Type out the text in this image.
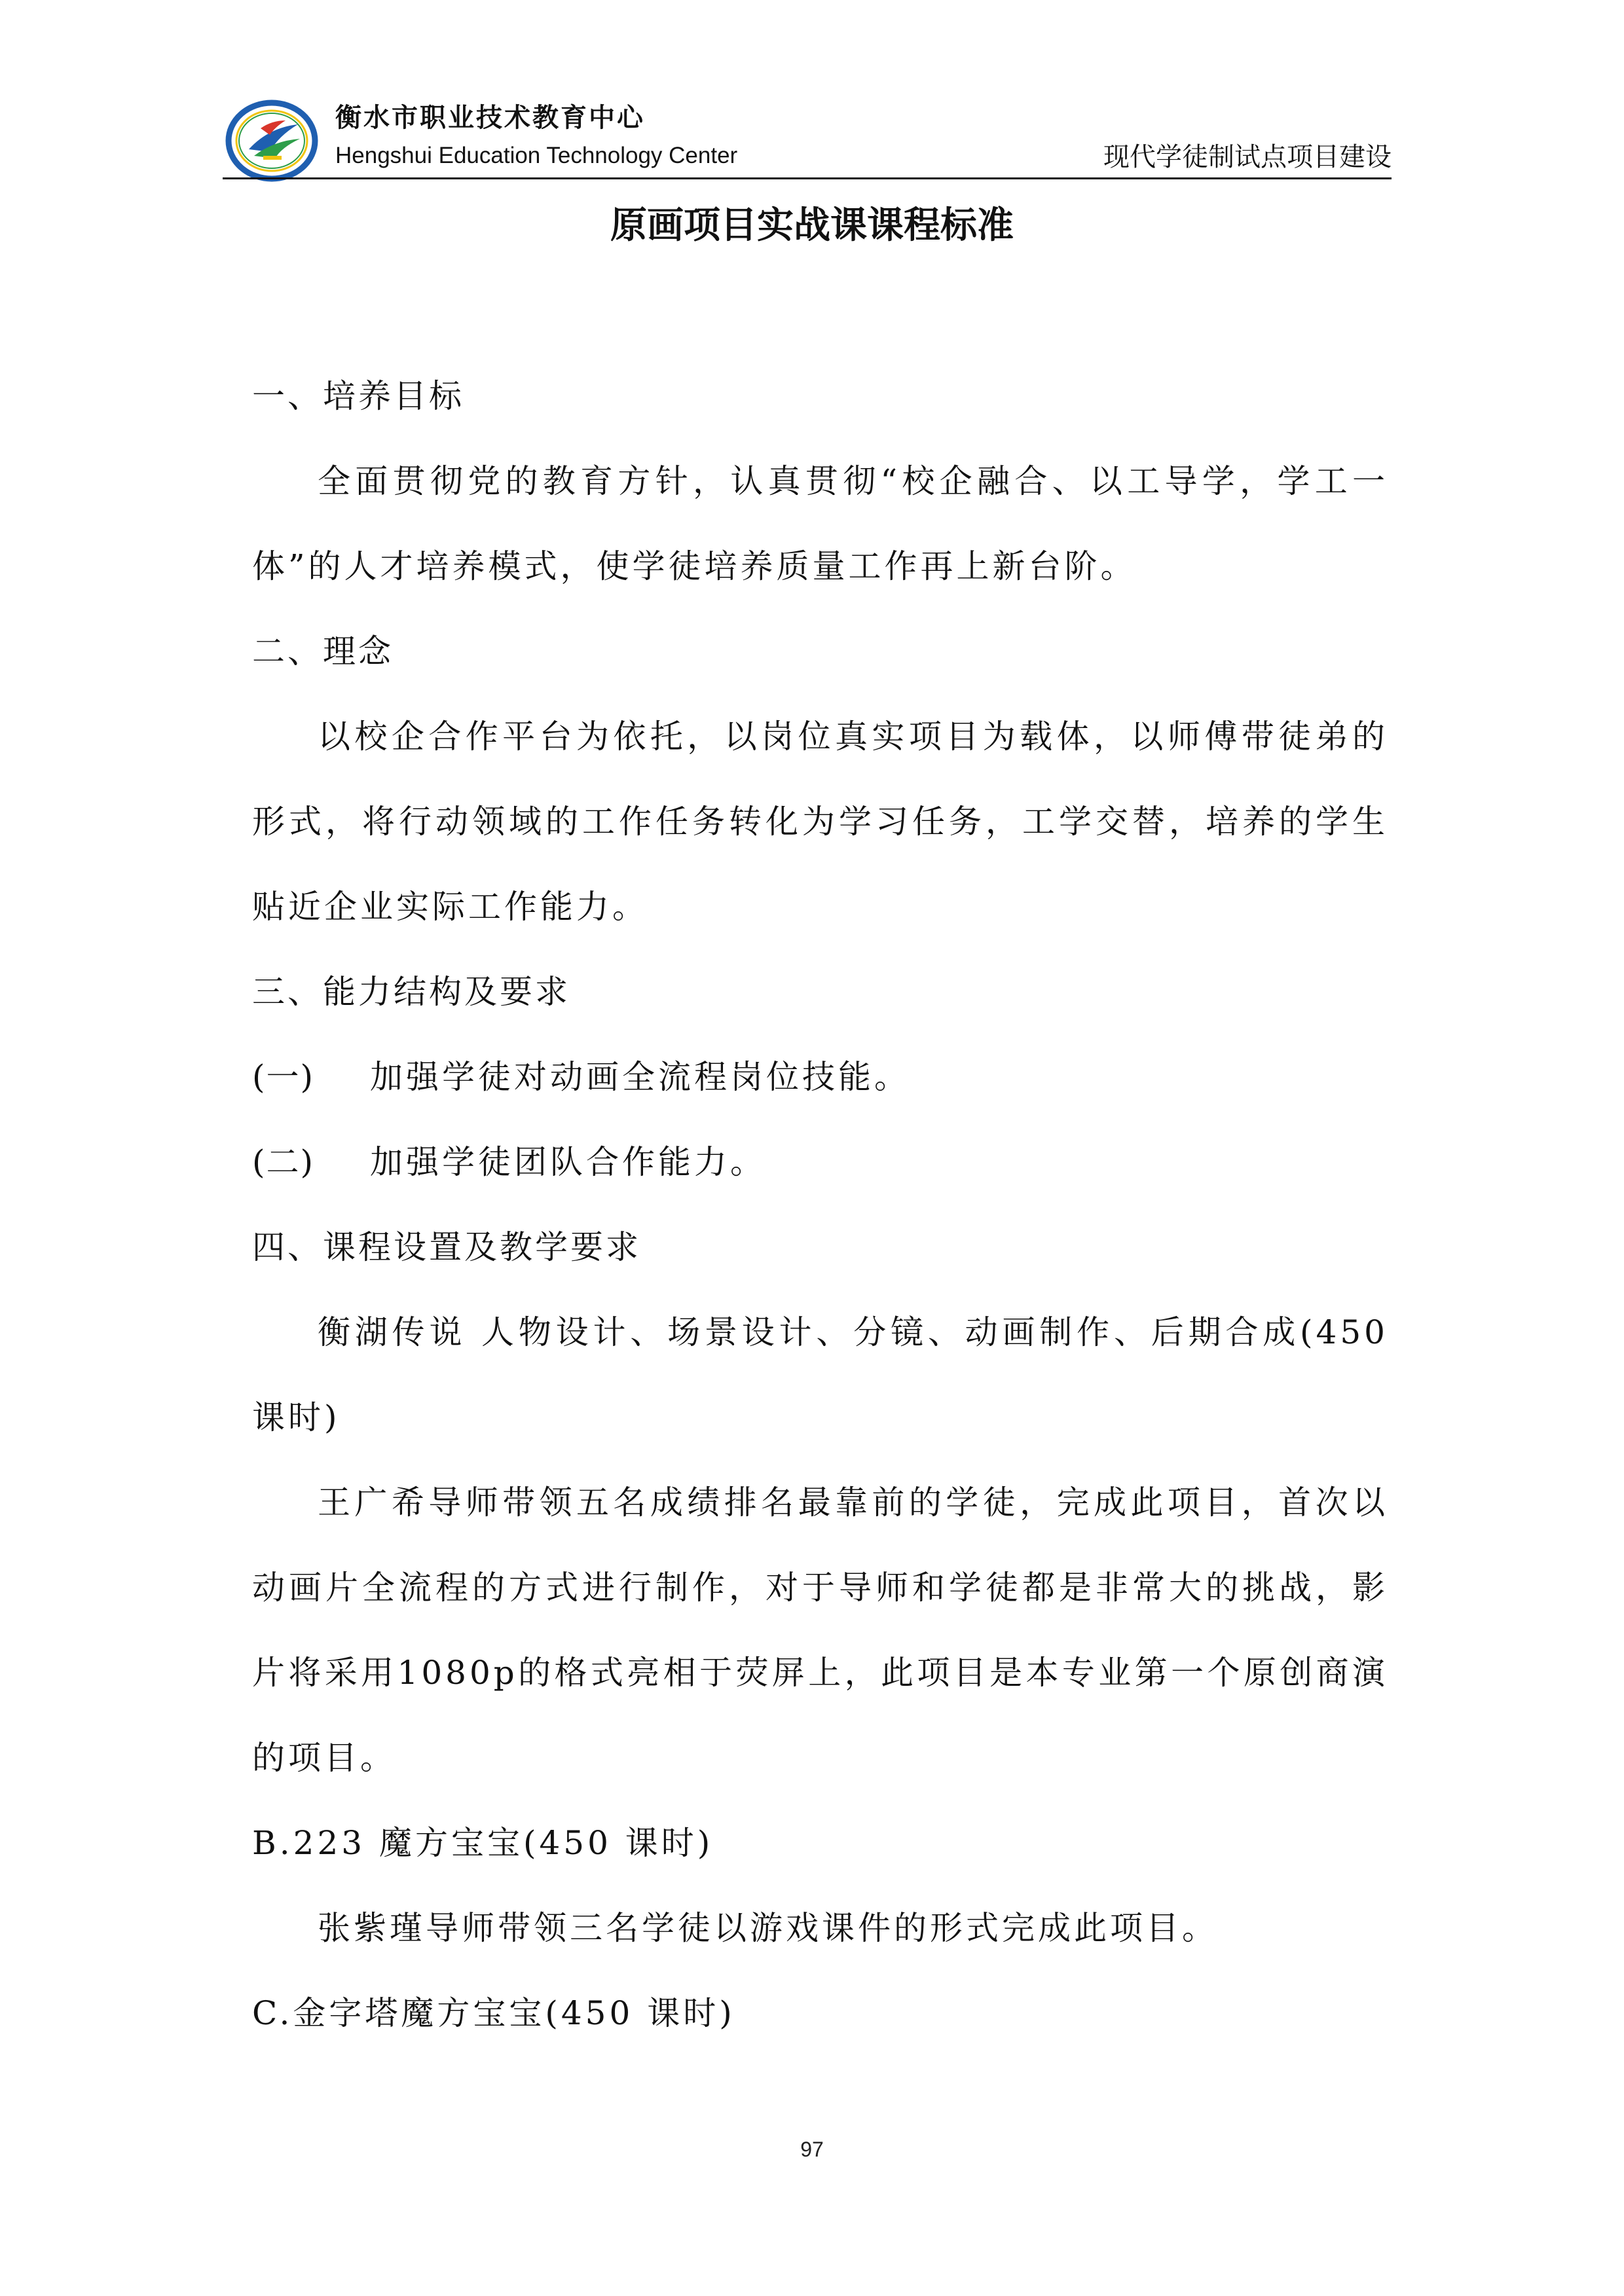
衡水市职业技术教育中心
Hengshui Education Technology Center	现代学徒制试点项目建设
原画项目实战课课程标准
一、培养目标

全面贯彻党的教育方针，认真贯彻“校企融合、以工导学，学工一体”的人才培养模式，使学徒培养质量工作再上新台阶。

二、理念

以校企合作平台为依托，以岗位真实项目为载体，以师傅带徒弟的形式，将行动领域的工作任务转化为学习任务，工学交替，培养的学生贴近企业实际工作能力。

三、能力结构及要求
(一) 加强学徒对动画全流程岗位技能。
(二) 加强学徒团队合作能力。
四、课程设置及教学要求

衡湖传说 人物设计、场景设计、分镜、动画制作、后期合成(450课时)

王广希导师带领五名成绩排名最靠前的学徒，完成此项目，首次以动画片全流程的方式进行制作，对于导师和学徒都是非常大的挑战，影片将采用1080p的格式亮相于荧屏上，此项目是本专业第一个原创商演的项目。

B.223 魔方宝宝(450 课时)

张紫瑾导师带领三名学徒以游戏课件的形式完成此项目。

C.金字塔魔方宝宝(450 课时)
97
